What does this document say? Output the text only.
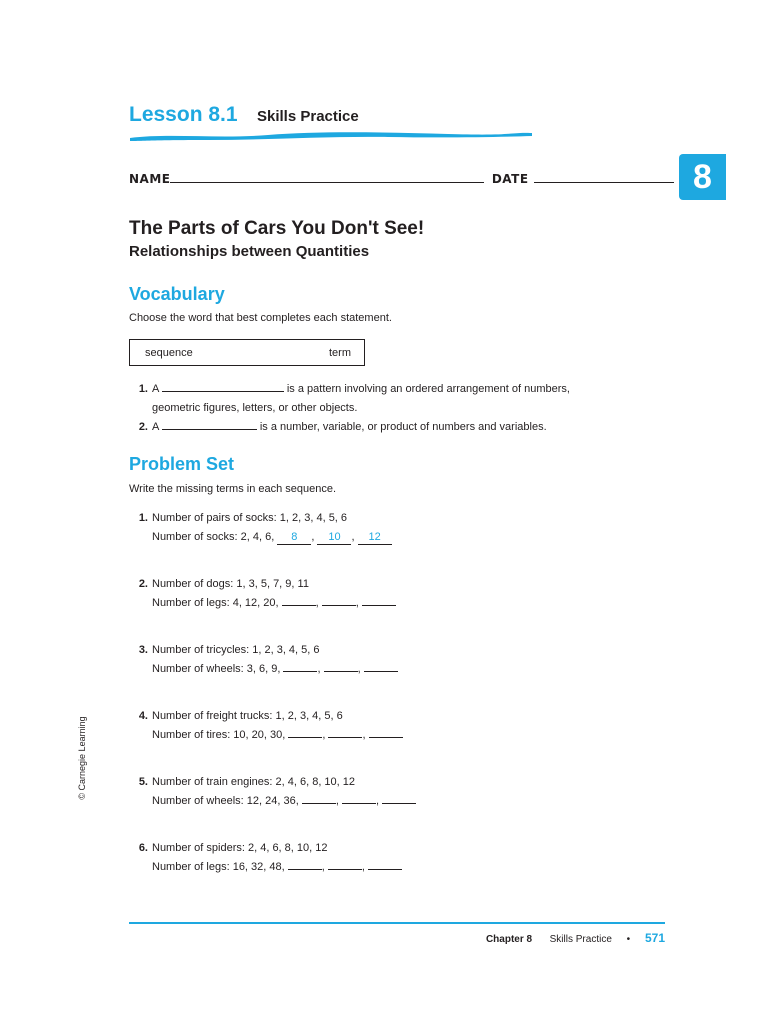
Lesson 8.1 Skills Practice
NAME	DATE	8
The Parts of Cars You Don't See!
Relationships between Quantities
Vocabulary
Choose the word that best completes each statement.
sequence	term
1. A	is a pattern involving an ordered arrangement of numbers,
geometric figures, letters, or other objects.
2. A	is a number, variable, or product of numbers and variables.
Problem Set
Write the missing terms in each sequence.
1. Number of pairs of socks: 1, 2, 3, 4, 5, 6
Number of socks: 2, 4, 6, 8 , 10 , 12
2. Number of dogs: 1, 3, 5, 7, 9, 11
Number of legs: 4, 12, 20,	,	,
3. Number of tricycles: 1, 2, 3, 4, 5, 6
Number of wheels: 3, 6, 9,	,	,
4. Number of freight trucks: 1, 2, 3, 4, 5, 6
Number of tires: 10, 20, 30,	,	,
5. Number of train engines: 2, 4, 6, 8, 10, 12
Number of wheels: 12, 24, 36,	,	,
6. Number of spiders: 2, 4, 6, 8, 10, 12
Number of legs: 16, 32, 48,	,	,
© Carnegie Learning
Chapter 8 Skills Practice • 571
